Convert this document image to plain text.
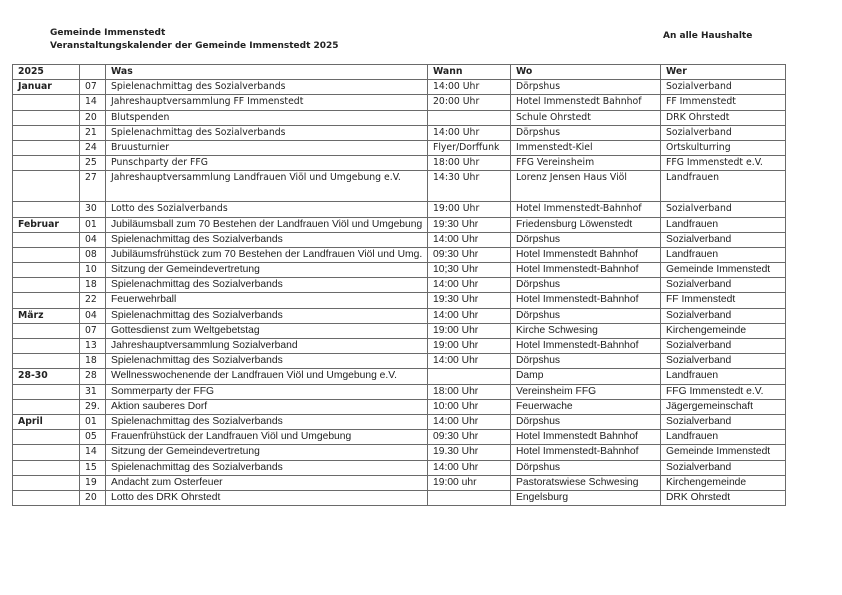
Gemeinde Immenstedt
Veranstaltungskalender der Gemeinde Immenstedt 2025
An alle Haushalte
2025		Was	Wann	Wo	Wer
Januar	07	Spielenachmittag des Sozialverbands	14:00 Uhr	Dörpshus	Sozialverband
	14	Jahreshauptversammlung FF Immenstedt	20:00 Uhr	Hotel Immenstedt Bahnhof	FF Immenstedt
	20	Blutspenden		Schule Ohrstedt	DRK Ohrstedt
	21	Spielenachmittag des Sozialverbands	14:00 Uhr	Dörpshus	Sozialverband
	24	Bruusturnier	Flyer/Dorffunk	Immenstedt-Kiel	Ortskulturring
	25	Punschparty der FFG	18:00 Uhr	FFG Vereinsheim	FFG Immenstedt e.V.
	27	Jahreshauptversammlung Landfrauen Viöl und Umgebung e.V.	14:30 Uhr	Lorenz Jensen Haus Viöl	Landfrauen
	30	Lotto des Sozialverbands	19:00 Uhr	Hotel Immenstedt-Bahnhof	Sozialverband
Februar	01	Jubiläumsball zum 70 Bestehen der Landfrauen Viöl und Umgebung	19:30 Uhr	Friedensburg Löwenstedt	Landfrauen
	04	Spielenachmittag des Sozialverbands	14:00 Uhr	Dörpshus	Sozialverband
	08	Jubiläumsfrühstück zum 70 Bestehen der Landfrauen Viöl und Umg.	09:30 Uhr	Hotel Immenstedt Bahnhof	Landfrauen
	10	Sitzung der Gemeindevertretung	10;30 Uhr	Hotel Immenstedt-Bahnhof	Gemeinde Immenstedt
	18	Spielenachmittag des Sozialverbands	14:00 Uhr	Dörpshus	Sozialverband
	22	Feuerwehrball	19:30 Uhr	Hotel Immenstedt-Bahnhof	FF Immenstedt
März	04	Spielenachmittag des Sozialverbands	14:00 Uhr	Dörpshus	Sozialverband
	07	Gottesdienst zum Weltgebetstag	19:00 Uhr	Kirche Schwesing	Kirchengemeinde
	13	Jahreshauptversammlung Sozialverband	19:00 Uhr	Hotel Immenstedt-Bahnhof	Sozialverband
	18	Spielenachmittag des Sozialverbands	14:00 Uhr	Dörpshus	Sozialverband
28-30	28	Wellnesswochenende der Landfrauen Viöl und Umgebung e.V.		Damp	Landfrauen
	31	Sommerparty der FFG	18:00 Uhr	Vereinsheim FFG	FFG Immenstedt e.V.
	29.	Aktion sauberes Dorf	10:00 Uhr	Feuerwache	Jägergemeinschaft
April	01	Spielenachmittag des Sozialverbands	14:00 Uhr	Dörpshus	Sozialverband
	05	Frauenfrühstück der Landfrauen Viöl und Umgebung	09:30 Uhr	Hotel Immenstedt Bahnhof	Landfrauen
	14	Sitzung der Gemeindevertretung	19.30 Uhr	Hotel Immenstedt-Bahnhof	Gemeinde Immenstedt
	15	Spielenachmittag des Sozialverbands	14:00 Uhr	Dörpshus	Sozialverband
	19	Andacht zum Osterfeuer	19:00 uhr	Pastoratswiese Schwesing	Kirchengemeinde
	20	Lotto des DRK Ohrstedt		Engelsburg	DRK Ohrstedt
